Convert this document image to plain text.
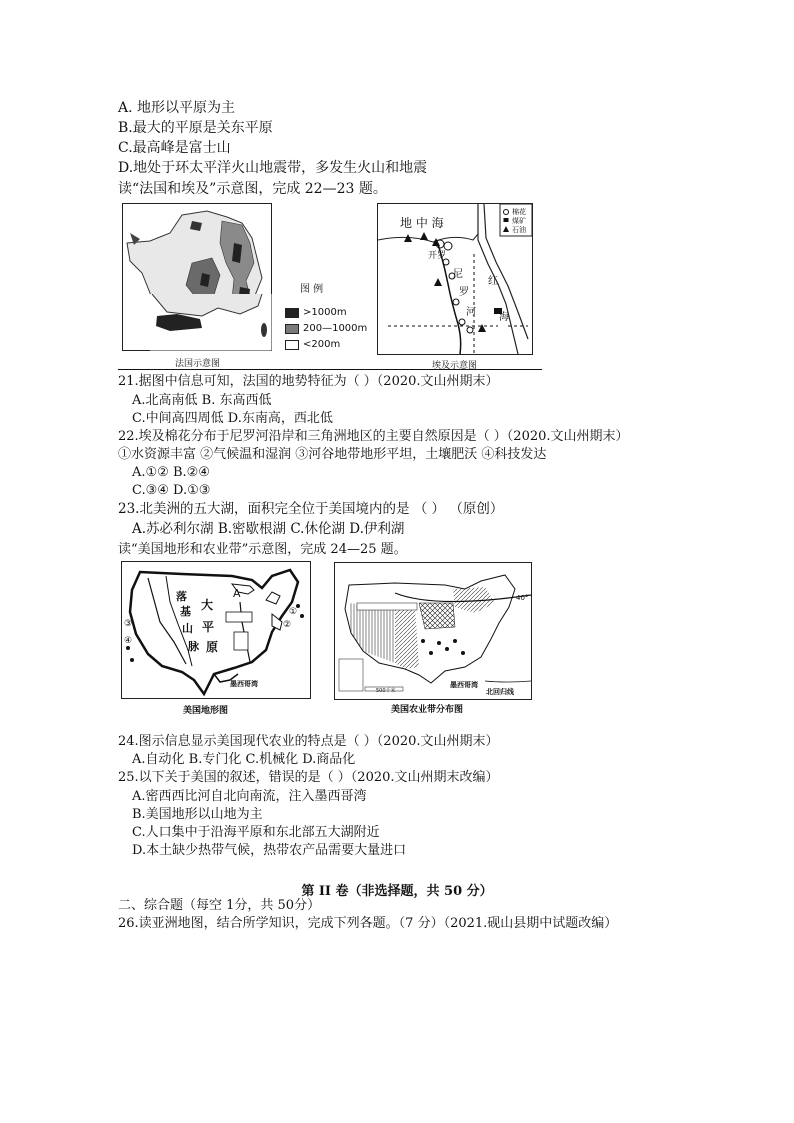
A. 地形以平原为主
B.最大的平原是关东平原
C.最高峰是富士山
D.地处于环太平洋火山地震带，多发生火山和地震
读“法国和埃及”示意图，完成 22—23 题。
图 例
>1000m
200—1000m
<200m
法国示意图
地 中 海
棉花
煤矿
石油
开罗
尼
罗
河
红
海
埃及示意图
21.据图中信息可知，法国的地势特征为（ ）（2020.文山州期末）
A.北高南低 B. 东高西低
C.中间高四周低 D.东南高，西北低
22.埃及棉花分布于尼罗河沿岸和三角洲地区的主要自然原因是（ ）（2020.文山州期末）
①水资源丰富 ②气候温和湿润 ③河谷地带地形平坦，土壤肥沃 ④科技发达
A.①② B.②④
C.③④ D.①③
23.北美洲的五大湖，面积完全位于美国境内的是 （ ） （原创）
A.苏必利尔湖 B.密歇根湖 C.休伦湖 D.伊利湖
读“美国地形和农业带”示意图，完成 24—25 题。
落
基
山
脉
大
平
原
A
①
②
③
④
墨西哥湾
美国地形图
40°
墨西哥湾
北回归线
500千米
美国农业带分布图
24.图示信息显示美国现代农业的特点是（ ）（2020.文山州期末）
A.自动化 B.专门化 C.机械化 D.商品化
25.以下关于美国的叙述，错误的是（ ）（2020.文山州期末改编）
A.密西西比河自北向南流，注入墨西哥湾
B.美国地形以山地为主
C.人口集中于沿海平原和东北部五大湖附近
D.本土缺少热带气候，热带农产品需要大量进口
第 II 卷（非选择题，共 50 分）
二、综合题（每空 1分，共 50分）
26.读亚洲地图，结合所学知识，完成下列各题。（7 分）（2021.砚山县期中试题改编）
